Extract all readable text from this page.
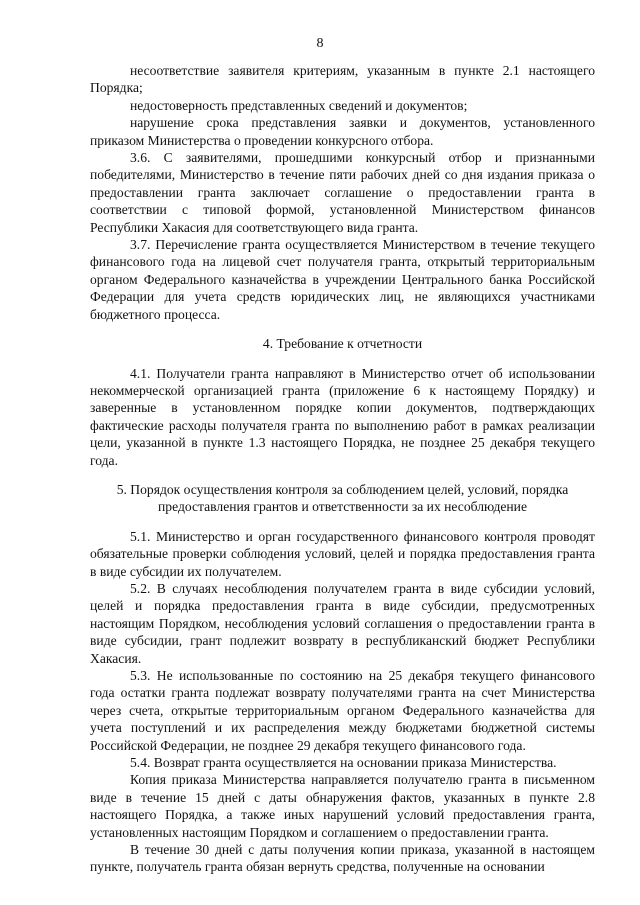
8

несоответствие заявителя критериям, указанным в пункте 2.1 настоящего Порядка;

недостоверность представленных сведений и документов;

нарушение срока представления заявки и документов, установленного приказом Министерства о проведении конкурсного отбора.

3.6. С заявителями, прошедшими конкурсный отбор и признанными победителями, Министерство в течение пяти рабочих дней со дня издания приказа о предоставлении гранта заключает соглашение о предоставлении гранта в соответствии с типовой формой, установленной Министерством финансов Республики Хакасия для соответствующего вида гранта.

3.7. Перечисление гранта осуществляется Министерством в течение текущего финансового года на лицевой счет получателя гранта, открытый территориальным органом Федерального казначейства в учреждении Центрального банка Российской Федерации для учета средств юридических лиц, не являющихся участниками бюджетного процесса.

4. Требование к отчетности

4.1. Получатели гранта направляют в Министерство отчет об использовании некоммерческой организацией гранта (приложение 6 к настоящему Порядку) и заверенные в установленном порядке копии документов, подтверждающих фактические расходы получателя гранта по выполнению работ в рамках реализации цели, указанной в пункте 1.3 настоящего Порядка, не позднее 25 декабря текущего года.

5. Порядок осуществления контроля за соблюдением целей, условий, порядка

предоставления грантов и ответственности за их несоблюдение

5.1. Министерство и орган государственного финансового контроля проводят обязательные проверки соблюдения условий, целей и порядка предоставления гранта в виде субсидии их получателем.

5.2. В случаях несоблюдения получателем гранта в виде субсидии условий, целей и порядка предоставления гранта в виде субсидии, предусмотренных настоящим Порядком, несоблюдения условий соглашения о предоставлении гранта в виде субсидии, грант подлежит возврату в республиканский бюджет Республики Хакасия.

5.3. Не использованные по состоянию на 25 декабря текущего финансового года остатки гранта подлежат возврату получателями гранта на счет Министерства через счета, открытые территориальным органом Федерального казначейства для учета поступлений и их распределения между бюджетами бюджетной системы Российской Федерации, не позднее 29 декабря текущего финансового года.

5.4. Возврат гранта осуществляется на основании приказа Министерства.

Копия приказа Министерства направляется получателю гранта в письменном виде в течение 15 дней с даты обнаружения фактов, указанных в пункте 2.8 настоящего Порядка, а также иных нарушений условий предоставления гранта, установленных настоящим Порядком и соглашением о предоставлении гранта.

В течение 30 дней с даты получения копии приказа, указанной в настоящем пункте, получатель гранта обязан вернуть средства, полученные на основании
